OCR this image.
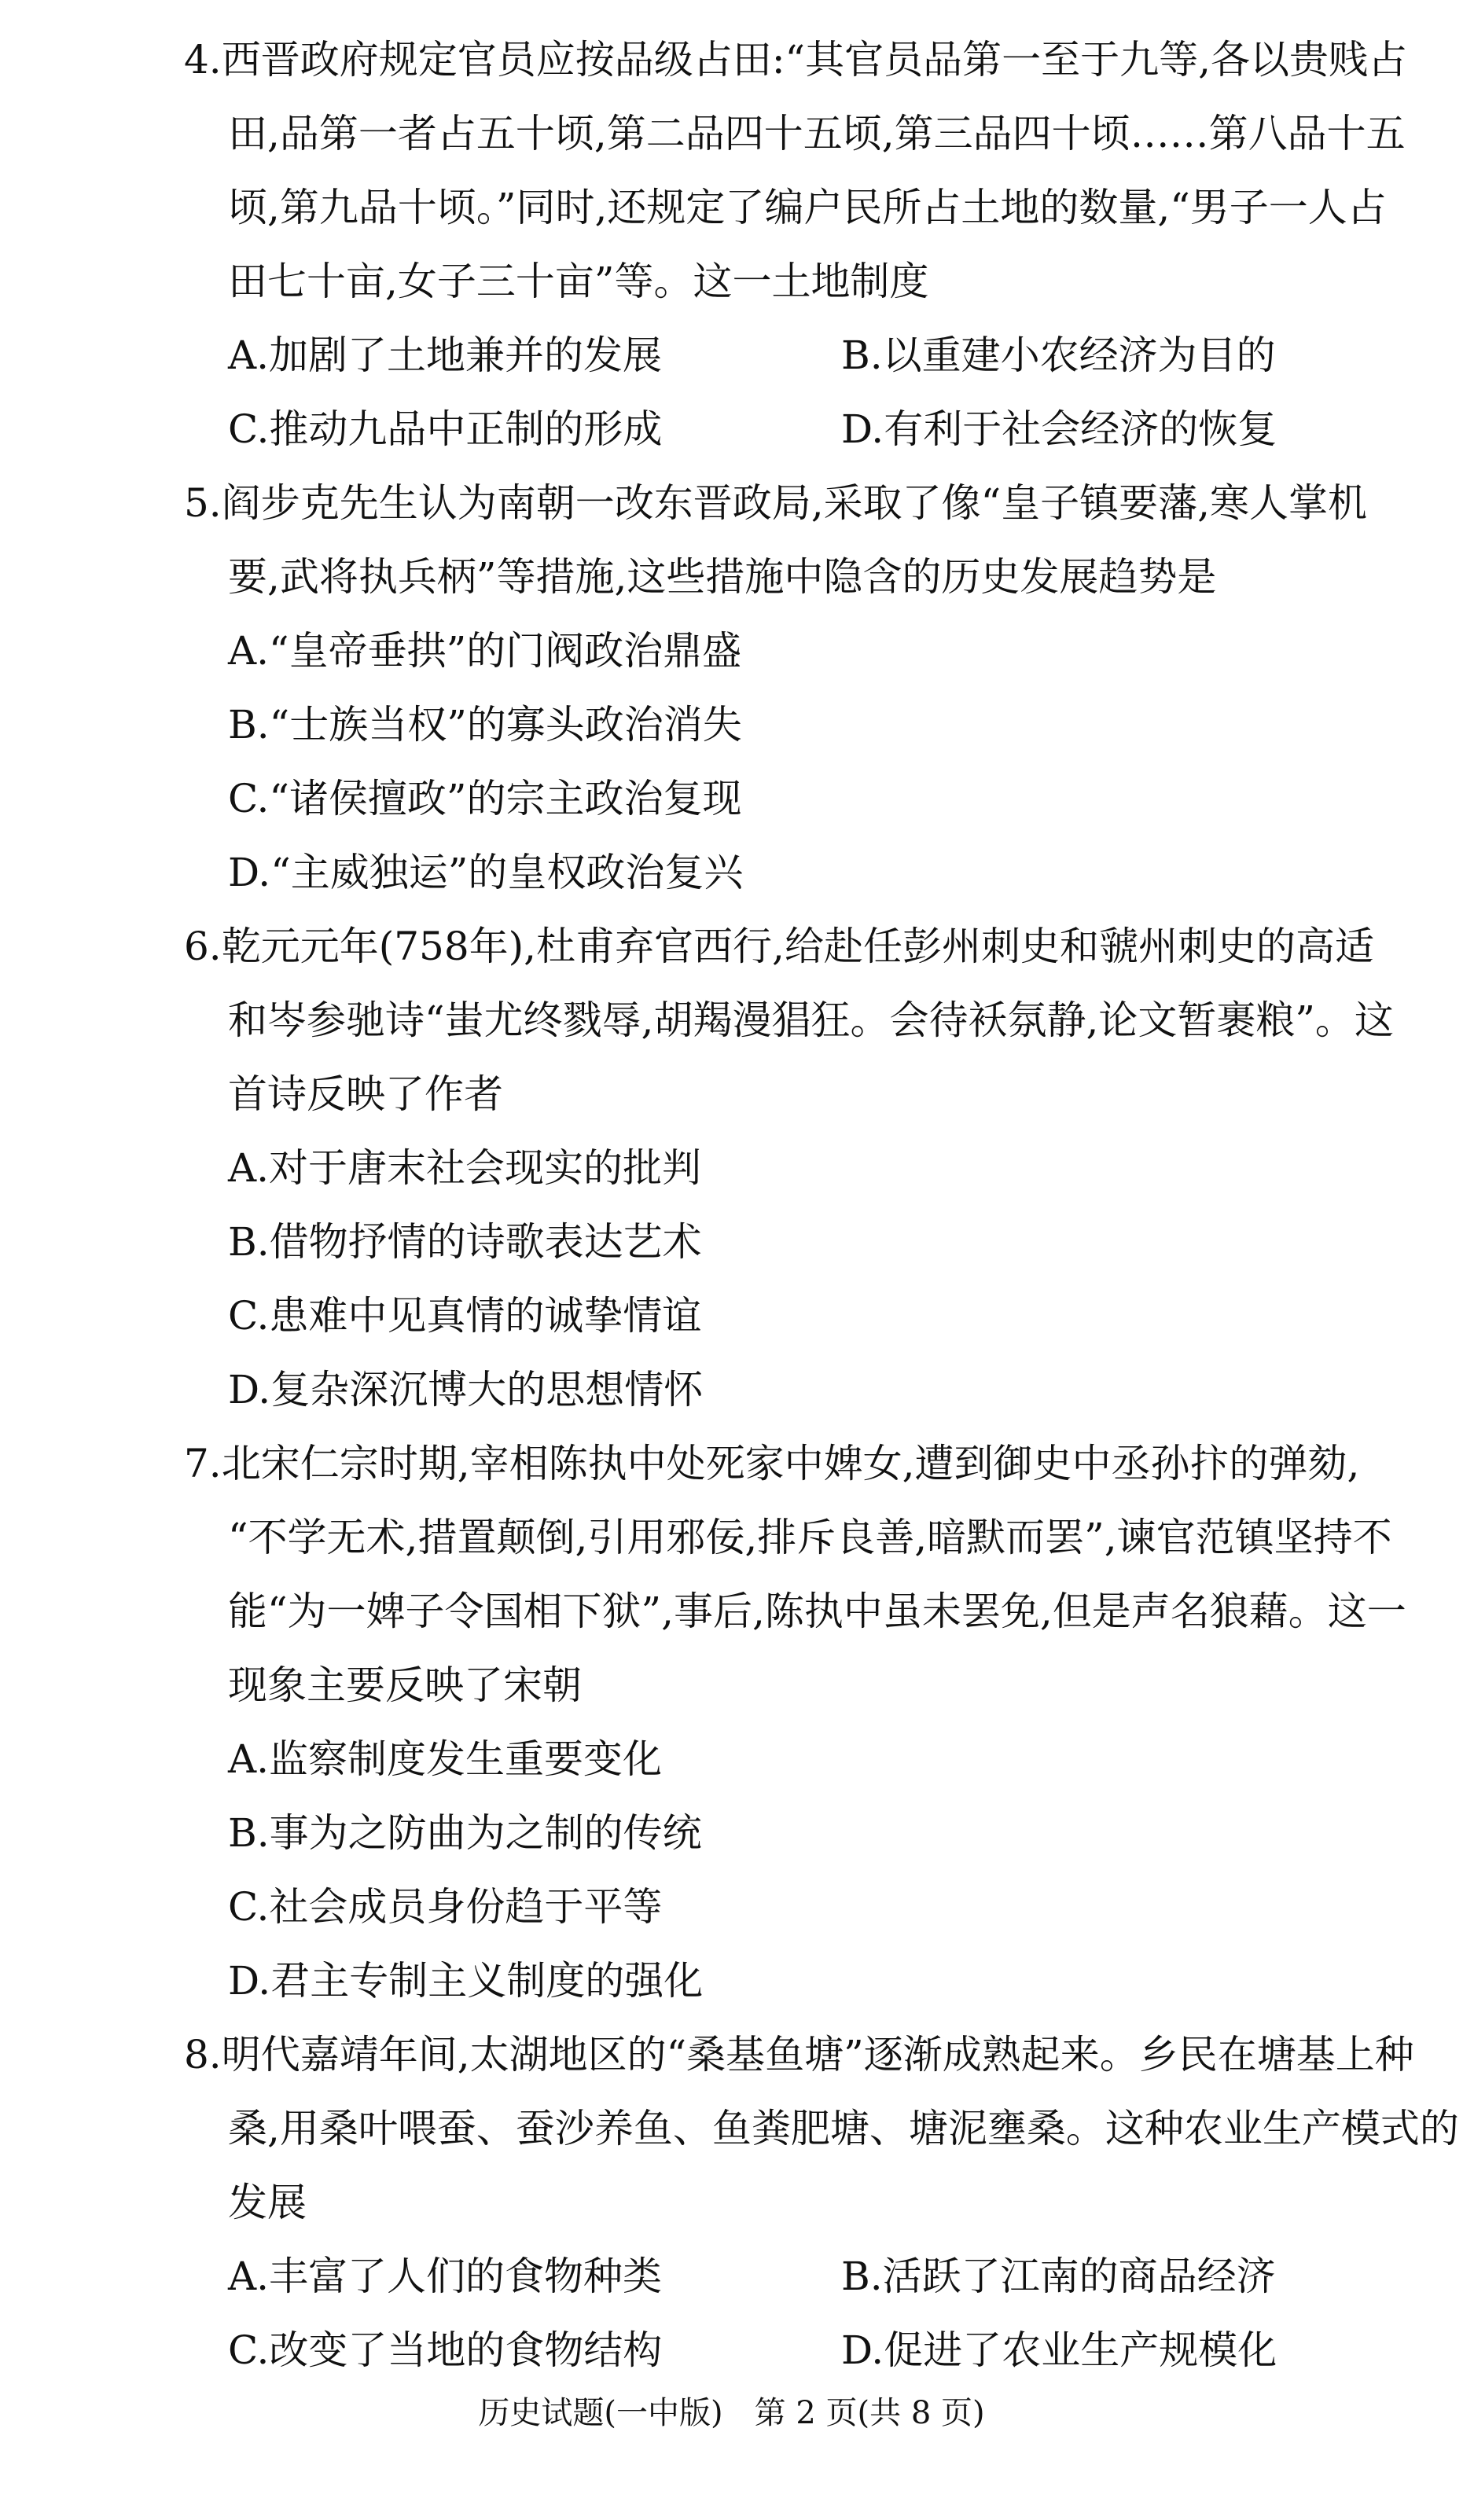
4.西晋政府规定官员应按品级占田:“其官员品第一至于九等,各以贵贱占
田,品第一者占五十顷,第二品四十五顷,第三品四十顷……第八品十五
顷,第九品十顷。”同时,还规定了编户民所占土地的数量,“男子一人占
田七十亩,女子三十亩”等。这一土地制度
A.加剧了土地兼并的发展	B.以重建小农经济为目的
C.推动九品中正制的形成	D.有利于社会经济的恢复
5.阎步克先生认为南朝一改东晋政局,采取了像“皇子镇要藩,寒人掌机
要,武将执兵柄”等措施,这些措施中隐含的历史发展趋势是
A.“皇帝垂拱”的门阀政治鼎盛
B.“士族当权”的寡头政治消失
C.“诸侯擅政”的宗主政治复现
D.“主威独运”的皇权政治复兴
6.乾元元年(758年),杜甫弃官西行,给赴任彭州刺史和虢州刺史的高适
和岑参驰诗“蚩尤终戮辱,胡羯漫猖狂。会待袄氛静,论文暂裹粮”。这
首诗反映了作者
A.对于唐末社会现实的批判
B.借物抒情的诗歌表达艺术
C.患难中见真情的诚挚情谊
D.复杂深沉博大的思想情怀
7.北宋仁宗时期,宰相陈执中处死家中婢女,遭到御史中丞孙抃的弹劾,
“不学无术,措置颠倒,引用邪佞,排斥良善,暗默而罢”,谏官范镇坚持不
能“为一婢子令国相下狱”,事后,陈执中虽未罢免,但是声名狼藉。这一
现象主要反映了宋朝
A.监察制度发生重要变化
B.事为之防曲为之制的传统
C.社会成员身份趋于平等
D.君主专制主义制度的强化
8.明代嘉靖年间,太湖地区的“桑基鱼塘”逐渐成熟起来。乡民在塘基上种
桑,用桑叶喂蚕、蚕沙养鱼、鱼粪肥塘、塘泥壅桑。这种农业生产模式的
发展
A.丰富了人们的食物种类	B.活跃了江南的商品经济
C.改变了当地的食物结构	D.促进了农业生产规模化
历史试题(一中版)　第 2 页(共 8 页)
